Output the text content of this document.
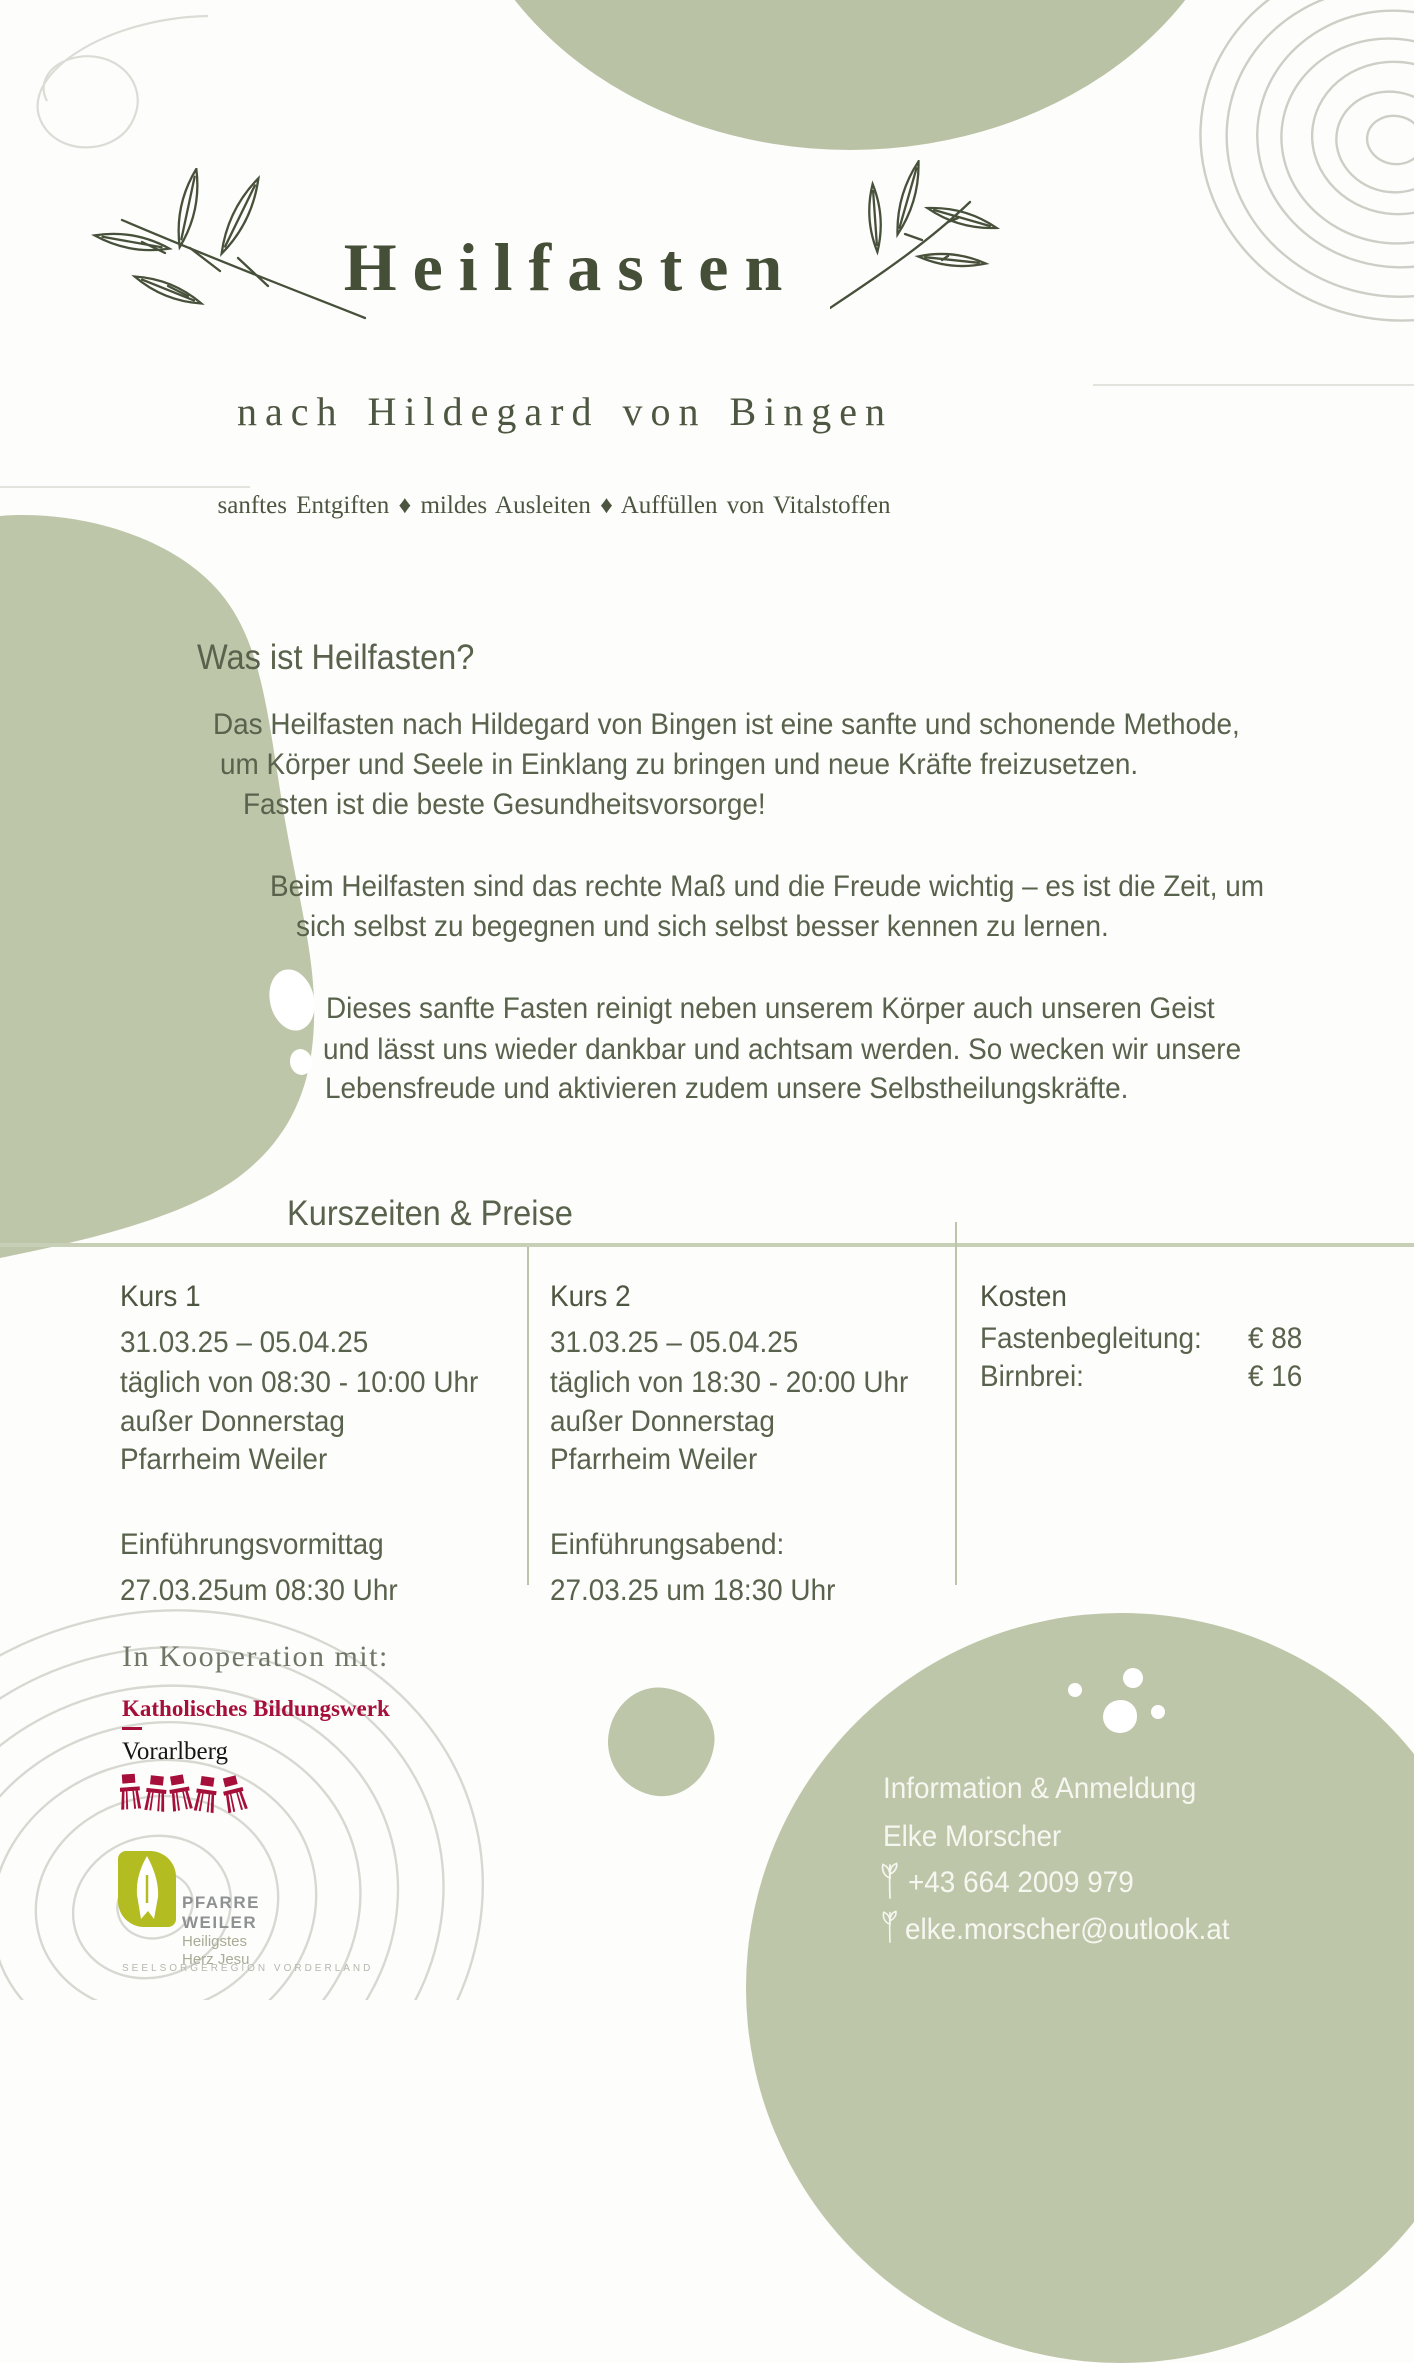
Heilfasten
nach Hildegard von Bingen
sanftes Entgiften ♦ mildes Ausleiten ♦ Auffüllen von Vitalstoffen
Was ist Heilfasten?
Das Heilfasten nach Hildegard von Bingen ist eine sanfte und schonende Methode,
um Körper und Seele in Einklang zu bringen und neue Kräfte freizusetzen.
Fasten ist die beste Gesundheitsvorsorge!
Beim Heilfasten sind das rechte Maß und die Freude wichtig – es ist die Zeit, um
sich selbst zu begegnen und sich selbst besser kennen zu lernen.
Dieses sanfte Fasten reinigt neben unserem Körper auch unseren Geist
und lässt uns wieder dankbar und achtsam werden. So wecken wir unsere
Lebensfreude und aktivieren zudem unsere Selbstheilungskräfte.
Kurszeiten & Preise
Kurs 1
31.03.25 – 05.04.25
täglich von 08:30 - 10:00 Uhr
außer Donnerstag
Pfarrheim Weiler
Einführungsvormittag
27.03.25um 08:30 Uhr
Kurs 2
31.03.25 – 05.04.25
täglich von 18:30 - 20:00 Uhr
außer Donnerstag
Pfarrheim Weiler
Einführungsabend:
27.03.25 um 18:30 Uhr
Kosten
Fastenbegleitung: € 88
Birnbrei:	€ 16
In Kooperation mit:
Katholisches Bildungswerk
Vorarlberg
PFARRE
WEILER
Heiligstes
Herz Jesu
SEELSORGEREGION VORDERLAND
Information & Anmeldung
Elke Morscher
+43 664 2009 979
elke.morscher@outlook.at
